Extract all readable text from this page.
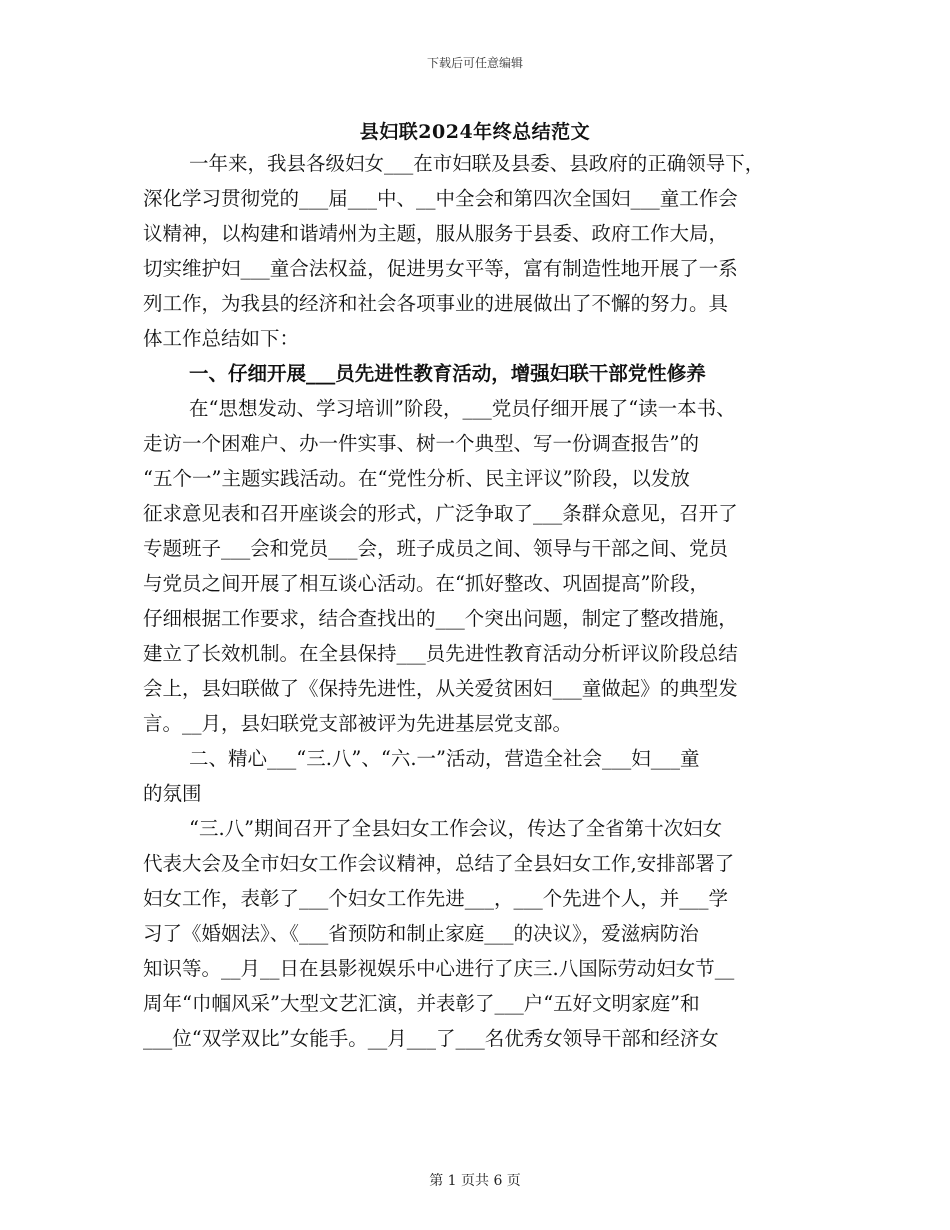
下载后可任意编辑
县妇联2024年终总结范文
一年来，我县各级妇女___在市妇联及县委、县政府的正确领导下，
深化学习贯彻党的___届___中、__中全会和第四次全国妇___童工作会
议精神，以构建和谐靖州为主题，服从服务于县委、政府工作大局，
切实维护妇___童合法权益，促进男女平等，富有制造性地开展了一系
列工作，为我县的经济和社会各项事业的进展做出了不懈的努力。具
体工作总结如下：
一、仔细开展___员先进性教育活动，增强妇联干部党性修养
在“思想发动、学习培训”阶段，___党员仔细开展了“读一本书、
走访一个困难户、办一件实事、树一个典型、写一份调查报告”的
“五个一”主题实践活动。在“党性分析、民主评议”阶段，以发放
征求意见表和召开座谈会的形式，广泛争取了___条群众意见，召开了
专题班子___会和党员___会，班子成员之间、领导与干部之间、党员
与党员之间开展了相互谈心活动。在“抓好整改、巩固提高”阶段，
仔细根据工作要求，结合查找出的___个突出问题，制定了整改措施，
建立了长效机制。在全县保持___员先进性教育活动分析评议阶段总结
会上，县妇联做了《保持先进性，从关爱贫困妇___童做起》的典型发
言。__月，县妇联党支部被评为先进基层党支部。
二、精心___“三.八”、“六.一”活动，营造全社会___妇___童
的氛围
“三.八”期间召开了全县妇女工作会议，传达了全省第十次妇女
代表大会及全市妇女工作会议精神，总结了全县妇女工作,安排部署了
妇女工作，表彰了___个妇女工作先进___，___个先进个人，并___学
习了《婚姻法》、《___省预防和制止家庭___的决议》，爱滋病防治
知识等。__月__日在县影视娱乐中心进行了庆三.八国际劳动妇女节__
周年“巾帼风采”大型文艺汇演，并表彰了___户“五好文明家庭”和
___位“双学双比”女能手。__月___了___名优秀女领导干部和经济女
第 1 页共 6 页
